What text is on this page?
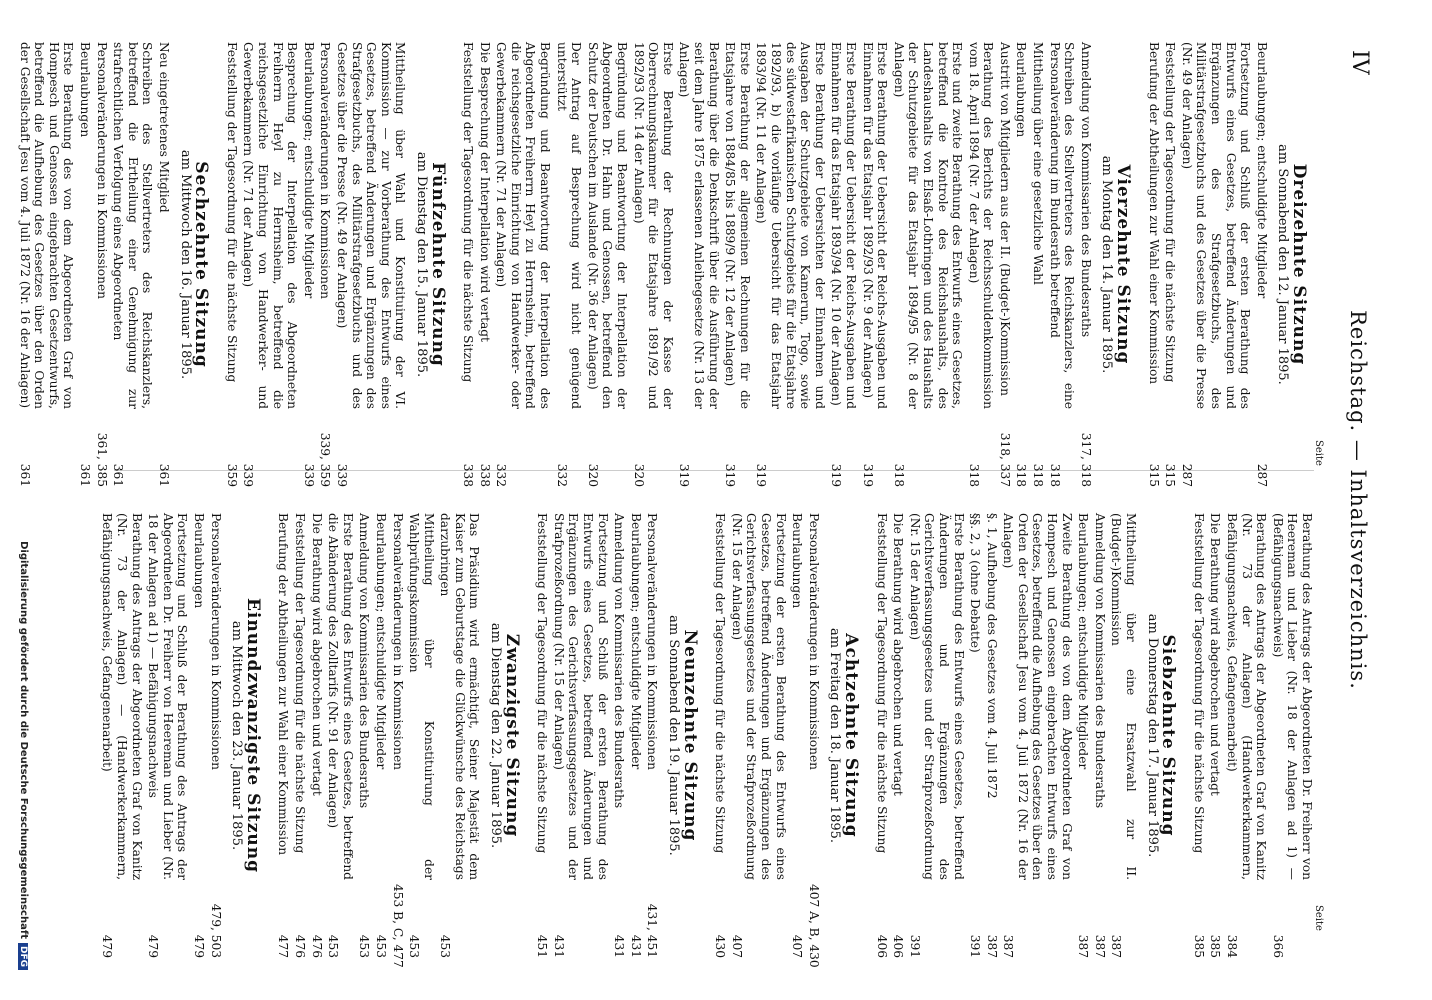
IV
Reichstag. — Inhaltsverzeichnis.
Seite
Seite
Dreizehnte Sitzung
am Sonnabend den 12. Januar 1895.
Beurlaubungen; entschuldigte Mitglieder
287
Fortsetzung und Schluß der ersten Berathung des Entwurfs eines Gesetzes, betreffend Änderungen und Ergänzungen des Strafgesetzbuchs, des Militärstrafgesetzbuchs und des Gesetzes über die Presse (Nr. 49 der Anlagen)
287
Feststellung der Tagesordnung für die nächste Sitzung
315
Berufung der Abtheilungen zur Wahl einer Kommission
315
Vierzehnte Sitzung
am Montag den 14. Januar 1895.
Anmeldung von Kommissarien des Bundesraths
317, 318
Schreiben des Stellvertreters des Reichskanzlers, eine Personalveränderung im Bundesrath betreffend
318
Mittheilung über eine gesetzliche Wahl
318
Beurlaubungen
318
Austritt von Mitgliedern aus der II. (Budget-)Kommission
318, 337
Berathung des Berichts der Reichsschuldenkommission vom 18. April 1894 (Nr. 7 der Anlagen)
318
Erste und zweite Berathung des Entwurfs eines Gesetzes, betreffend die Kontrole des Reichshaushalts, des Landeshaushalts von Elsaß-Lothringen und des Haushalts der Schutzgebiete für das Etatsjahr 1894/95 (Nr. 8 der Anlagen)
318
Erste Berathung der Uebersicht der Reichs-Ausgaben und Einnahmen für das Etatsjahr 1892/93 (Nr. 9 der Anlagen)
319
Erste Berathung der Uebersicht der Reichs-Ausgaben und Einnahmen für das Etatsjahr 1893/94 (Nr. 10 der Anlagen)
319
Erste Berathung der Uebersichten der Einnahmen und Ausgaben der Schutzgebiete von Kamerun, Togo, sowie des südwestafrikanischen Schutzgebiets für die Etatsjahre 1892/93, b) die vorläufige Uebersicht für das Etatsjahr 1893/94 (Nr. 11 der Anlagen)
319
Erste Berathung der allgemeinen Rechnungen für die Etatsjahre von 1884/85 bis 1889/9 (Nr. 12 der Anlagen)
319
Berathung über die Denkschrift über die Ausführung der seit dem Jahre 1875 erlassenen Anleihegesetze (Nr. 13 der Anlagen)
319
Erste Berathung der Rechnungen der Kasse der Oberrechnungskammer für die Etatsjahre 1891/92 und 1892/93 (Nr. 14 der Anlagen)
320
Begründung und Beantwortung der Interpellation der Abgeordneten Dr. Hahn und Genossen, betreffend den Schutz der Deutschen im Auslande (Nr. 36 der Anlagen)
320
Der Antrag auf Besprechung wird nicht genügend unterstützt
332
Begründung und Beantwortung der Interpellation des Abgeordneten Freiherrn Heyl zu Herrnsheim, betreffend die reichsgesetzliche Einrichtung von Handwerker- oder Gewerbekammern (Nr. 71 der Anlagen)
332
Die Besprechung der Interpellation wird vertagt
338
Feststellung der Tagesordnung für die nächste Sitzung
338
Fünfzehnte Sitzung
am Dienstag den 15. Januar 1895.
Mittheilung über Wahl und Konstituirung der VI. Kommission — zur Vorberathung des Entwurfs eines Gesetzes, betreffend Änderungen und Ergänzungen des Strafgesetzbuchs, des Militärstrafgesetzbuchs und des Gesetzes über die Presse (Nr. 49 der Anlagen)
339
Personalveränderungen in Kommissionen
339, 359
Beurlaubungen; entschuldigte Mitglieder
339
Besprechung der Interpellation des Abgeordneten Freiherrn Heyl zu Herrnsheim, betreffend die reichsgesetzliche Einrichtung von Handwerker- und Gewerbekammern (Nr. 71 der Anlagen)
339
Feststellung der Tagesordnung für die nächste Sitzung
359
Sechzehnte Sitzung
am Mittwoch den 16. Januar 1895.
Neu eingetretenes Mitglied
361
Schreiben des Stellvertreters des Reichskanzlers, betreffend die Ertheilung einer Genehmigung zur strafrechtlichen Verfolgung eines Abgeordneten
361
Personalveränderungen in Kommissionen
361, 385
Beurlaubungen
361
Erste Berathung des von dem Abgeordneten Graf von Hompesch und Genossen eingebrachten Gesetzentwurfs, betreffend die Aufhebung des Gesetzes über den Orden der Gesellschaft Jesu vom 4. Juli 1872 (Nr. 16 der Anlagen)
361
Berathung des Antrags der Abgeordneten Dr. Freiherr von Heereman und Lieber (Nr. 18 der Anlagen ad 1) — (Befähigungsnachweis)
366
Berathung des Antrags der Abgeordneten Graf von Kanitz (Nr. 73 der Anlagen) (Handwerkerkammern, Befähigungsnachweis, Gefangenenarbeit)
384
Die Berathung wird abgebrochen und vertagt
385
Feststellung der Tagesordnung für die nächste Sitzung
385
Siebzehnte Sitzung
am Donnerstag den 17. Januar 1895.
Mittheilung über eine Ersatzwahl zur II. (Budget-)Kommission
387
Anmeldung von Kommissarien des Bundesraths
387
Beurlaubungen; entschuldigte Mitglieder
387
Zweite Berathung des von dem Abgeordneten Graf von Hompesch und Genossen eingebrachten Entwurfs eines Gesetzes, betreffend die Aufhebung des Gesetzes über den Orden der Gesellschaft Jesu vom 4. Juli 1872 (Nr. 16 der Anlagen)
387
§. 1, Aufhebung des Gesetzes vom 4. Juli 1872
387
§§. 2, 3 (ohne Debatte)
391
Erste Berathung des Entwurfs eines Gesetzes, betreffend Änderungen und Ergänzungen des Gerichtsverfassungsgesetzes und der Strafprozeßordnung (Nr. 15 der Anlagen)
391
Die Berathung wird abgebrochen und vertagt
406
Feststellung der Tagesordnung für die nächste Sitzung
406
Achtzehnte Sitzung
am Freitag den 18. Januar 1895.
Personalveränderungen in Kommissionen
407 A, B, 430
Beurlaubungen
407
Fortsetzung der ersten Berathung des Entwurfs eines Gesetzes, betreffend Änderungen und Ergänzungen des Gerichtsverfassungsgesetzes und der Strafprozeßordnung (Nr. 15 der Anlagen)
407
Feststellung der Tagesordnung für die nächste Sitzung
430
Neunzehnte Sitzung
am Sonnabend den 19. Januar 1895.
Personalveränderungen in Kommissionen
431, 451
Beurlaubungen; entschuldigte Mitglieder
431
Anmeldung von Kommissarien des Bundesraths
431
Fortsetzung und Schluß der ersten Berathung des Entwurfs eines Gesetzes, betreffend Änderungen und Ergänzungen des Gerichtsverfassungsgesetzes und der Strafprozeßordnung (Nr. 15 der Anlagen)
431
Feststellung der Tagesordnung für die nächste Sitzung
451
Zwanzigste Sitzung
am Dienstag den 22. Januar 1895.
Das Präsidium wird ermächtigt, Seiner Majestät dem Kaiser zum Geburtstage die Glückwünsche des Reichstags darzubringen
453
Mittheilung über Konstituirung der Wahlprüfungskommission
453
Personalveränderungen in Kommissionen
453 B, C, 477
Beurlaubungen; entschuldigte Mitglieder
453
Anmeldung von Kommissarien des Bundesraths
453
Erste Berathung des Entwurfs eines Gesetzes, betreffend die Abänderung des Zolltarifs (Nr. 91 der Anlagen)
453
Die Berathung wird abgebrochen und vertagt
476
Feststellung der Tagesordnung für die nächste Sitzung
476
Berufung der Abtheilungen zur Wahl einer Kommission
477
Einundzwanzigste Sitzung
am Mittwoch den 23. Januar 1895.
Personalveränderungen in Kommissionen
479, 503
Beurlaubungen
479
Fortsetzung und Schluß der Berathung des Antrags der Abgeordneten Dr. Freiherr von Heereman und Lieber (Nr. 18 der Anlagen ad 1) — Befähigungsnachweis
479
Berathung des Antrags der Abgeordneten Graf von Kanitz (Nr. 73 der Anlagen) — (Handwerkerkammern, Befähigungsnachweis, Gefangenenarbeit)
479
Digitalisierung gefördert durch die Deutsche ForschungsgemeinschaftDFG
